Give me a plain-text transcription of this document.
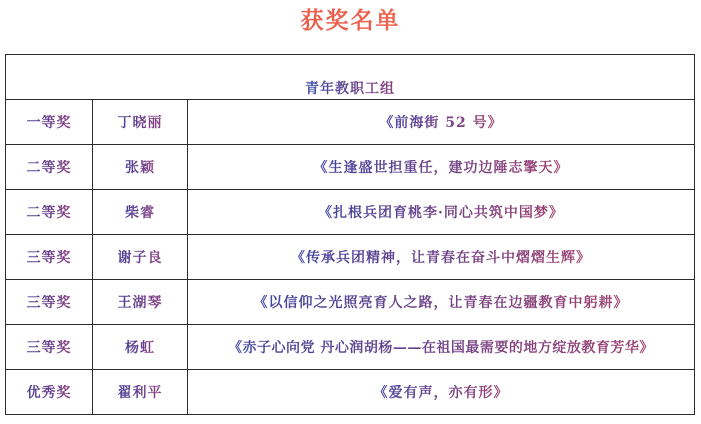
获奖名单
青年教职工组		
一等奖	丁晓丽	《前海街 52 号》
二等奖	张颖	《生逢盛世担重任，建功边陲志擎天》
二等奖	柴睿	《扎根兵团育桃李·同心共筑中国梦》
三等奖	谢子良	《传承兵团精神，让青春在奋斗中熠熠生辉》
三等奖	王湖琴	《以信仰之光照亮育人之路，让青春在边疆教育中躬耕》
三等奖	杨虹	《赤子心向党 丹心润胡杨——在祖国最需要的地方绽放教育芳华》
优秀奖	翟利平	《爱有声，亦有形》
